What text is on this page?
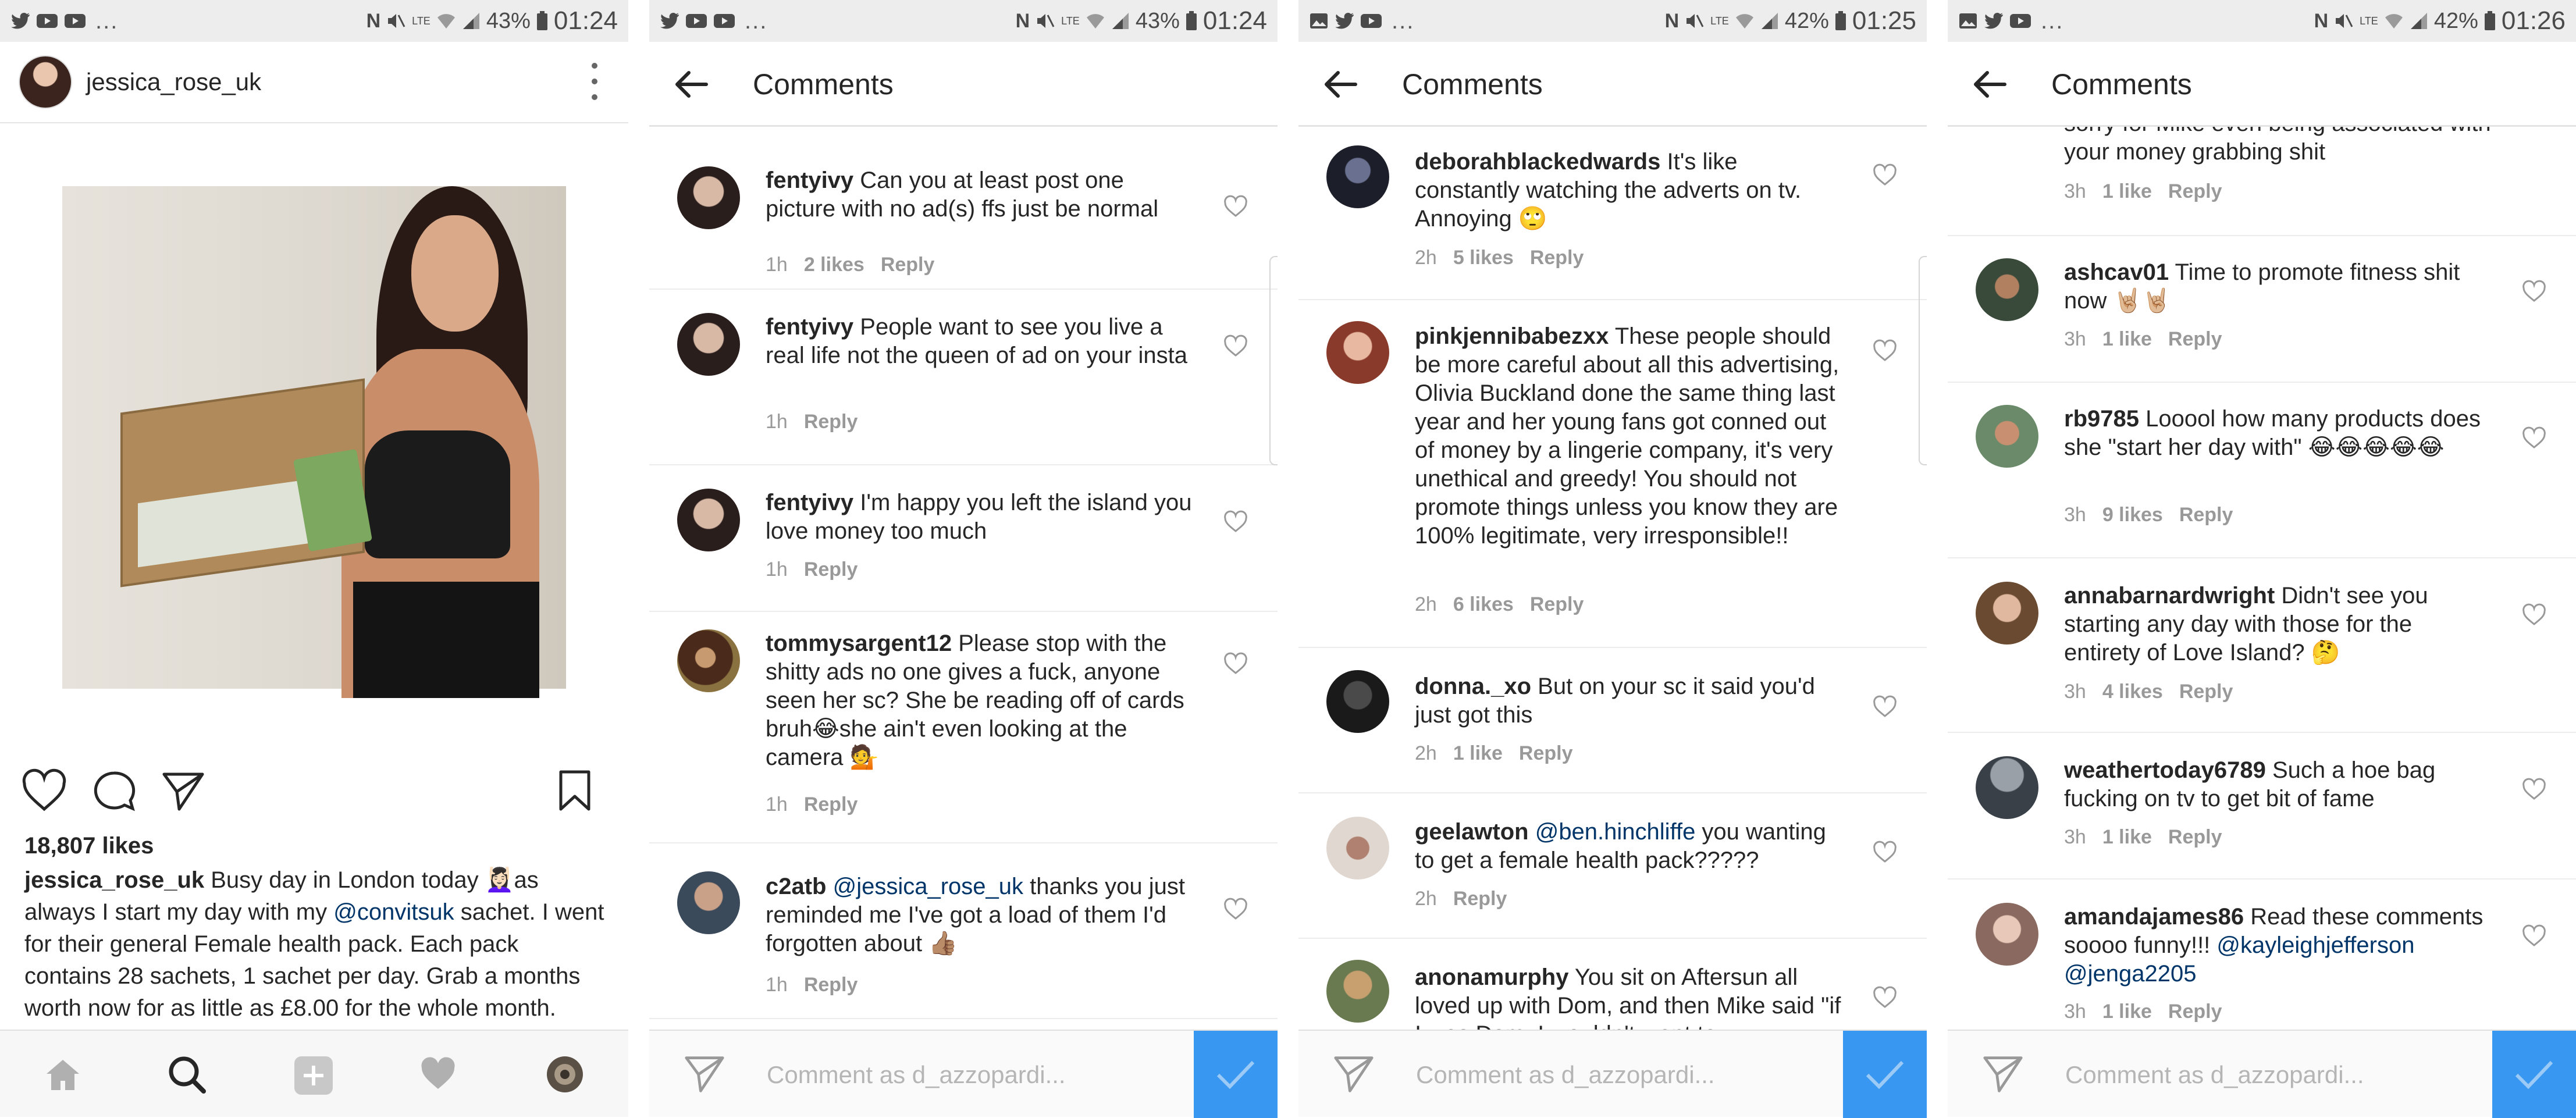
...	N	LTE	43% 01:24
jessica_rose_uk
18,807 likes
jessica_rose_uk Busy day in London today 💆🏻‍♀️as always I start my day with my @convitsuk sachet. I went for their general Female health pack. Each pack contains 28 sachets, 1 sachet per day. Grab a months worth now for as little as £8.00 for the whole month.
...	N	LTE	43% 01:24
Comments
fentyivy Can you at least post one picture with no ad(s) ffs just be normal
1h 2 likes Reply
fentyivy People want to see you live a real life not the queen of ad on your insta
1h Reply
fentyivy I'm happy you left the island you love money too much
1h Reply
tommysargent12 Please stop with the shitty ads no one gives a fuck, anyone seen her sc? She be reading off of cards bruh😂she ain't even looking at the camera 💁
1h Reply
c2atb @jessica_rose_uk thanks you just reminded me I've got a load of them I'd forgotten about 👍🏽
1h Reply
Comment as d_azzopardi...
...	N	LTE	42% 01:25
Comments
deborahblackedwards It's like constantly watching the adverts on tv. Annoying 🙄
2h 5 likes Reply
pinkjennibabezxx These people should be more careful about all this advertising, Olivia Buckland done the same thing last year and her young fans got conned out of money by a lingerie company, it's very unethical and greedy! You should not promote things unless you know they are 100% legitimate, very irresponsible!!
2h 6 likes Reply
donna._xo But on your sc it said you'd just got this
2h 1 like Reply
geelawton @ben.hinchliffe you wanting to get a female health pack?????
2h Reply
anonamurphy You sit on Aftersun all loved up with Dom, and then Mike said "if
Comment as d_azzopardi...
...	N	LTE	42% 01:26
your money grabbing shit
3h 1 like Reply
ashcav01 Time to promote fitness shit now 🤘🏼🤘🏼
3h 1 like Reply
rb9785 Looool how many products does she "start her day with" 😂😂😂😂😂
3h 9 likes Reply
annabarnardwright Didn't see you starting any day with those for the entirety of Love Island? 🤔
3h 4 likes Reply
weathertoday6789 Such a hoe bag fucking on tv to get bit of fame
3h 1 like Reply
amandajames86 Read these comments soooo funny!!! @kayleighjefferson @jenga2205
3h 1 like Reply
Comments
Comment as d_azzopardi...
